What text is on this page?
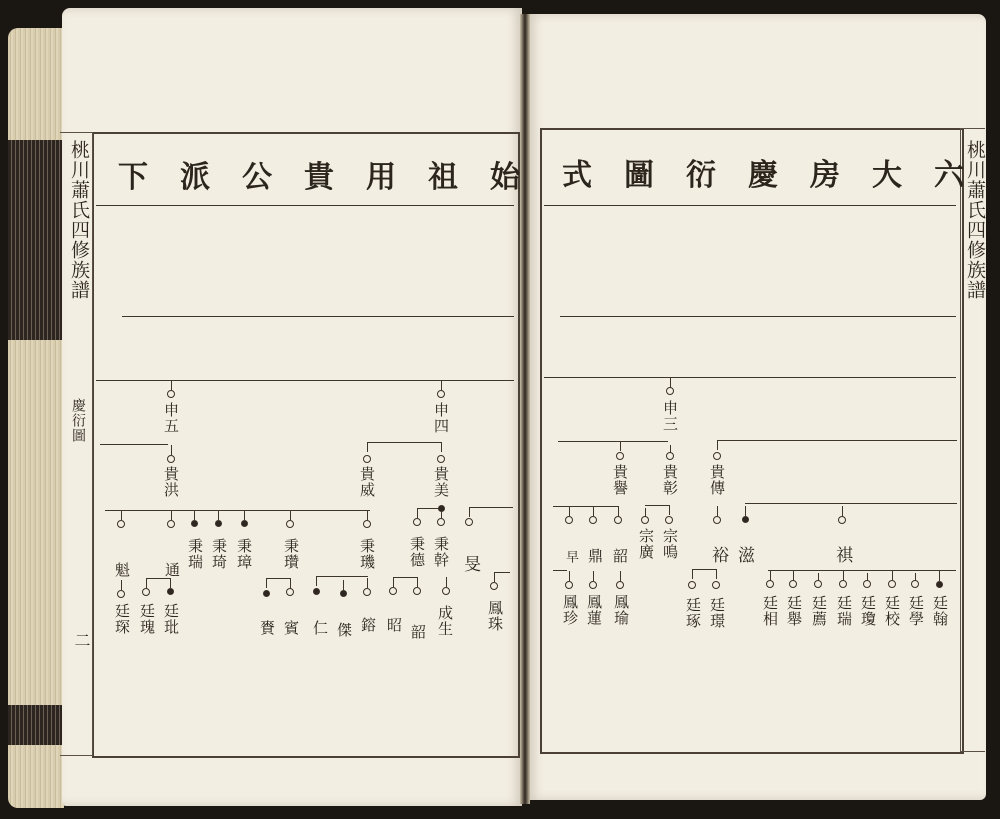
桃川蕭氏四修族譜
慶衍圖
二
始祖用貴公派下
申五
貴洪
魁 通 秉瑞 秉琦 秉璋 秉瓚
廷琛 廷瑰 廷玭	賚 賓
申四
貴威	貴美
秉璣 秉德 秉幹 旻
仁 傑 鎔 昭 韶 成生 鳳珠
桃川蕭氏四修族譜
六大房慶衍圖式
申三
貴譽 貴彰 貴傳
早 鼎 韶 宗廣 宗鳴 裕 滋	祺
鳳珍 鳳蓮 鳳瑜	廷琢 廷璟 廷相 廷舉 廷薦 廷瑞 廷瓊 廷校 廷學 廷翰
